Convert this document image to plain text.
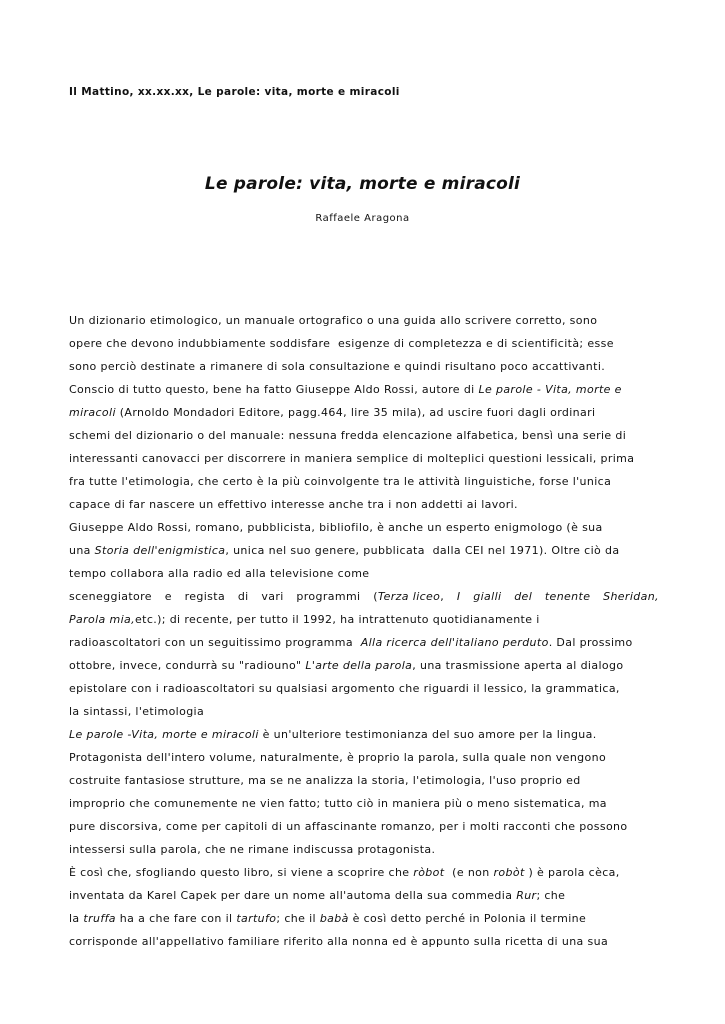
Il Mattino, xx.xx.xx, Le parole: vita, morte e miracoli
Le parole: vita, morte e miracoli
Raffaele Aragona
Un dizionario etimologico, un manuale ortografico o una guida allo scrivere corretto, sono
opere che devono indubbiamente soddisfare  esigenze di completezza e di scientificità; esse
sono perciò destinate a rimanere di sola consultazione e quindi risultano poco accattivanti.
Conscio di tutto questo, bene ha fatto Giuseppe Aldo Rossi, autore di Le parole - Vita, morte e
miracoli (Arnoldo Mondadori Editore, pagg.464, lire 35 mila), ad uscire fuori dagli ordinari
schemi del dizionario o del manuale: nessuna fredda elencazione alfabetica, bensì una serie di
interessanti canovacci per discorrere in maniera semplice di molteplici questioni lessicali, prima
fra tutte l'etimologia, che certo è la più coinvolgente tra le attività linguistiche, forse l'unica
capace di far nascere un effettivo interesse anche tra i non addetti ai lavori.
Giuseppe Aldo Rossi, romano, pubblicista, bibliofilo, è anche un esperto enigmologo (è sua
una Storia dell'enigmistica, unica nel suo genere, pubblicata  dalla CEI nel 1971). Oltre ciò da
tempo collabora alla radio ed alla televisione come
sceneggiatore e regista di vari programmi (Terza liceo, I gialli del tenente Sheridan,
Parola mia,etc.); di recente, per tutto il 1992, ha intrattenuto quotidianamente i
radioascoltatori con un seguitissimo programma  Alla ricerca dell'italiano perduto. Dal prossimo
ottobre, invece, condurrà su "radiouno" L'arte della parola, una trasmissione aperta al dialogo
epistolare con i radioascoltatori su qualsiasi argomento che riguardi il lessico, la grammatica,
la sintassi, l'etimologia
Le parole -Vita, morte e miracoli è un'ulteriore testimonianza del suo amore per la lingua.
Protagonista dell'intero volume, naturalmente, è proprio la parola, sulla quale non vengono
costruite fantasiose strutture, ma se ne analizza la storia, l'etimologia, l'uso proprio ed
improprio che comunemente ne vien fatto; tutto ciò in maniera più o meno sistematica, ma
pure discorsiva, come per capitoli di un affascinante romanzo, per i molti racconti che possono
intessersi sulla parola, che ne rimane indiscussa protagonista.
È così che, sfogliando questo libro, si viene a scoprire che ròbot  (e non robòt ) è parola cèca,
inventata da Karel Capek per dare un nome all'automa della sua commedia Rur; che
la truffa ha a che fare con il tartufo; che il babà è così detto perché in Polonia il termine
corrisponde all'appellativo familiare riferito alla nonna ed è appunto sulla ricetta di una sua
